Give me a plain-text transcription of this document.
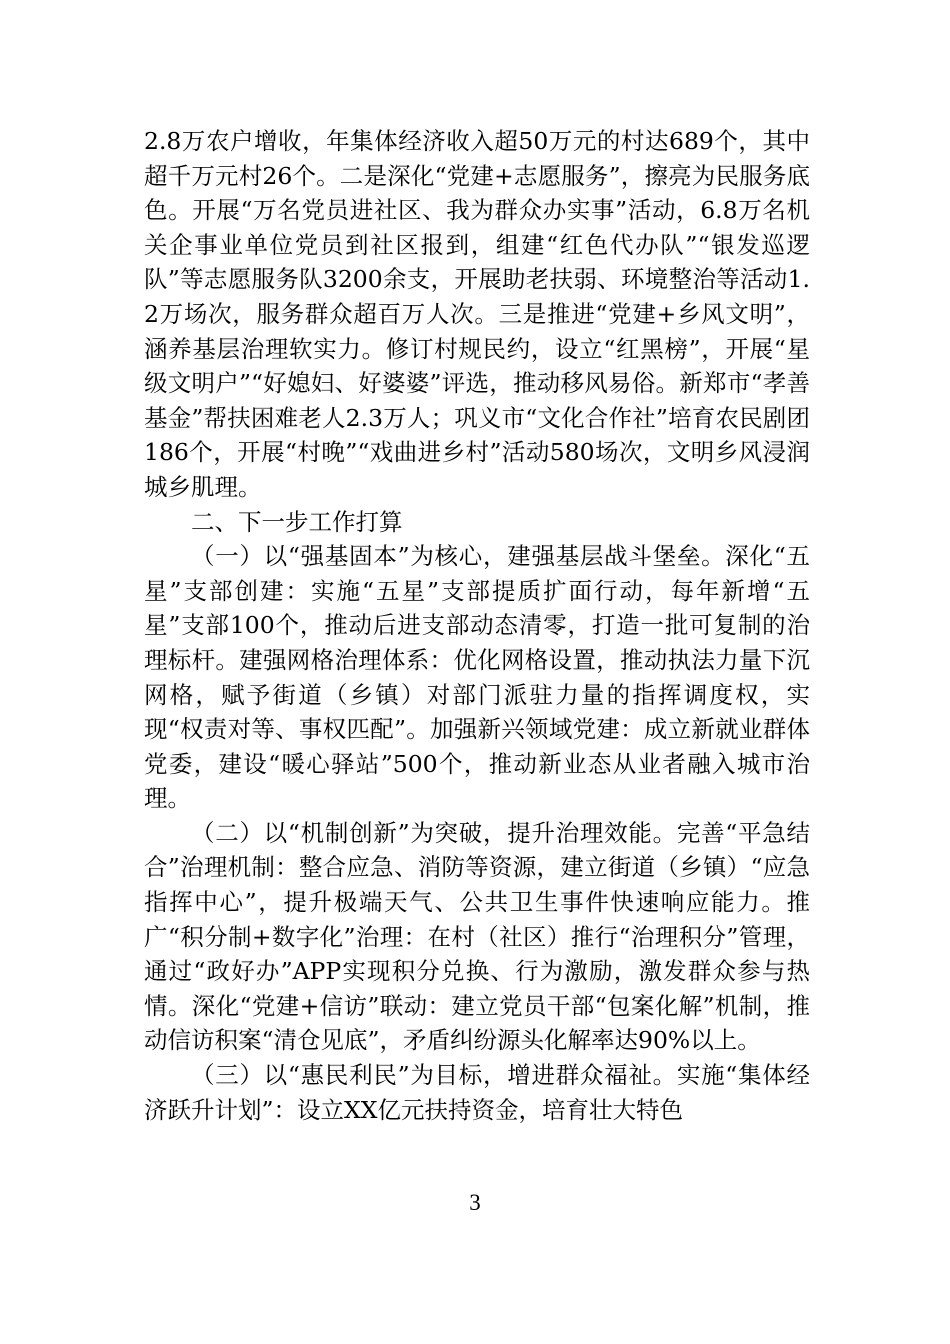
2.8万农户增收，年集体经济收入超50万元的村达689个，其中超千万元村26个。二是深化“党建+志愿服务”，擦亮为民服务底色。开展“万名党员进社区、我为群众办实事”活动，6.8万名机关企事业单位党员到社区报到，组建“红色代办队”“银发巡逻队”等志愿服务队3200余支，开展助老扶弱、环境整治等活动1.2万场次，服务群众超百万人次。三是推进“党建+乡风文明”，涵养基层治理软实力。修订村规民约，设立“红黑榜”，开展“星级文明户”“好媳妇、好婆婆”评选，推动移风易俗。新郑市“孝善基金”帮扶困难老人2.3万人；巩义市“文化合作社”培育农民剧团186个，开展“村晚”“戏曲进乡村”活动580场次，文明乡风浸润城乡肌理。

二、下一步工作打算

（一）以“强基固本”为核心，建强基层战斗堡垒。深化“五星”支部创建：实施“五星”支部提质扩面行动，每年新增“五星”支部100个，推动后进支部动态清零，打造一批可复制的治理标杆。建强网格治理体系：优化网格设置，推动执法力量下沉网格，赋予街道（乡镇）对部门派驻力量的指挥调度权，实现“权责对等、事权匹配”。加强新兴领域党建：成立新就业群体党委，建设“暖心驿站”500个，推动新业态从业者融入城市治理。

（二）以“机制创新”为突破，提升治理效能。完善“平急结合”治理机制：整合应急、消防等资源，建立街道（乡镇）“应急指挥中心”，提升极端天气、公共卫生事件快速响应能力。推广“积分制+数字化”治理：在村（社区）推行“治理积分”管理，通过“政好办”APP实现积分兑换、行为激励，激发群众参与热情。深化“党建+信访”联动：建立党员干部“包案化解”机制，推动信访积案“清仓见底”，矛盾纠纷源头化解率达90%以上。

（三）以“惠民利民”为目标，增进群众福祉。实施“集体经济跃升计划”：设立XX亿元扶持资金，培育壮大特色

3
